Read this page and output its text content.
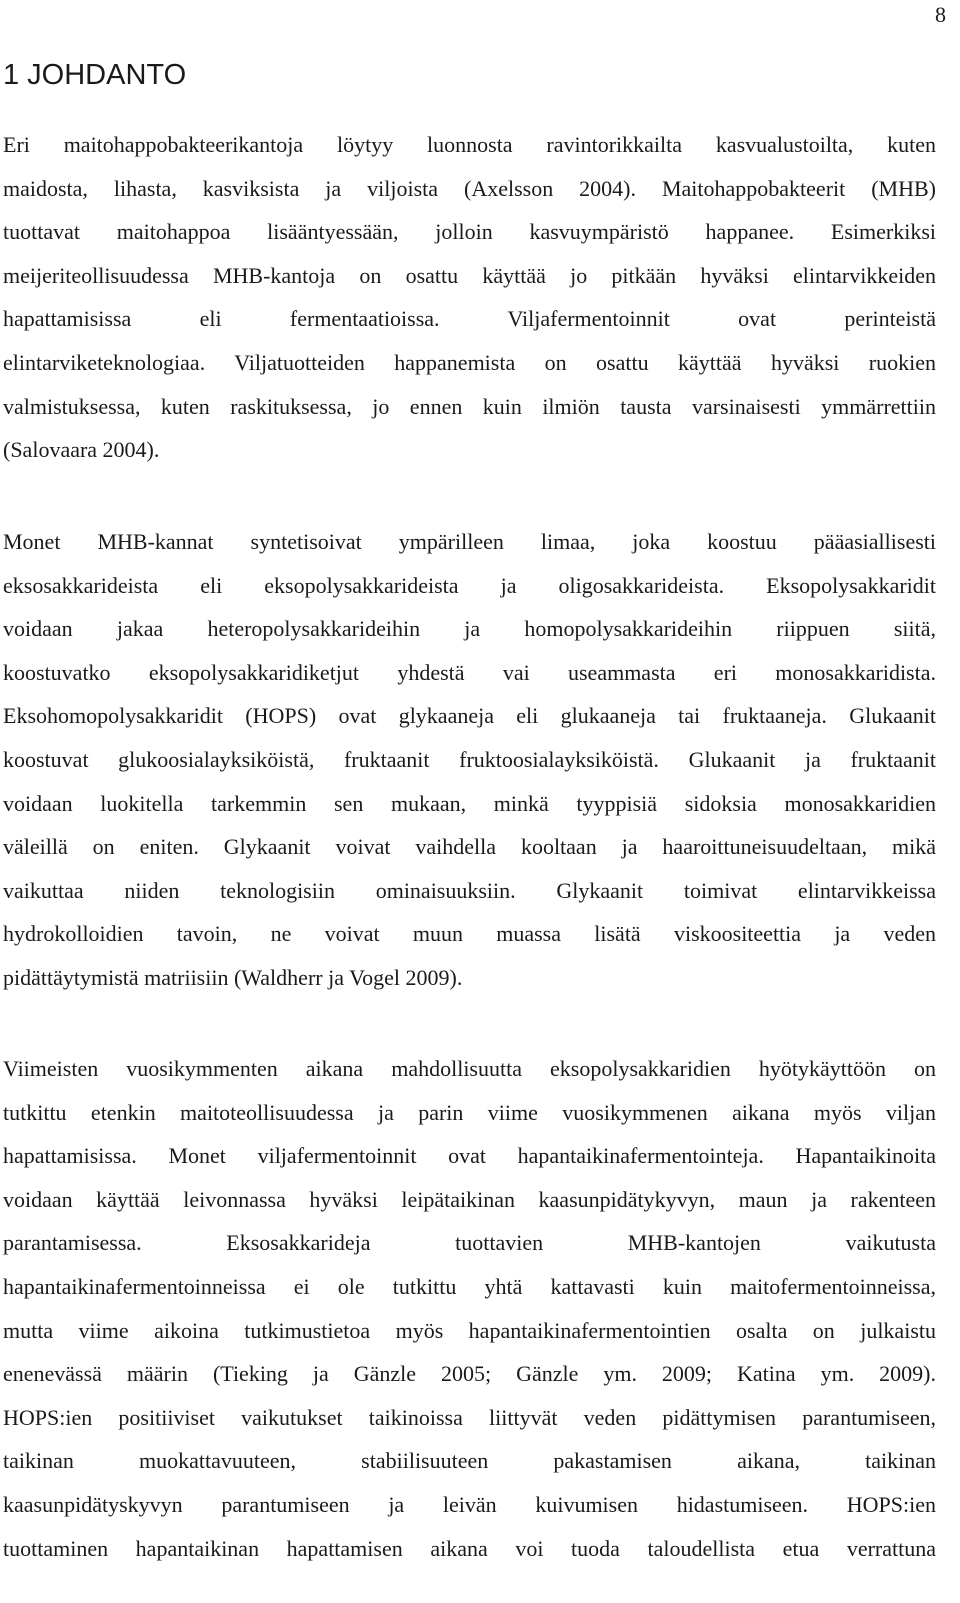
8
1 JOHDANTO
Eri maitohappobakteerikantoja löytyy luonnosta ravintorikkailta kasvualustoilta, kuten
maidosta, lihasta, kasviksista ja viljoista (Axelsson 2004). Maitohappobakteerit (MHB)
tuottavat maitohappoa lisääntyessään, jolloin kasvuympäristö happanee. Esimerkiksi
meijeriteollisuudessa MHB-kantoja on osattu käyttää jo pitkään hyväksi elintarvikkeiden
hapattamisissa eli fermentaatioissa. Viljafermentoinnit ovat perinteistä
elintarviketeknologiaa. Viljatuotteiden happanemista on osattu käyttää hyväksi ruokien
valmistuksessa, kuten raskituksessa, jo ennen kuin ilmiön tausta varsinaisesti ymmärrettiin
(Salovaara 2004).
Monet MHB-kannat syntetisoivat ympärilleen limaa, joka koostuu pääasiallisesti
eksosakkarideista eli eksopolysakkarideista ja oligosakkarideista. Eksopolysakkaridit
voidaan jakaa heteropolysakkarideihin ja homopolysakkarideihin riippuen siitä,
koostuvatko eksopolysakkaridiketjut yhdestä vai useammasta eri monosakkaridista.
Eksohomopolysakkaridit (HOPS) ovat glykaaneja eli glukaaneja tai fruktaaneja. Glukaanit
koostuvat glukoosialayksiköistä, fruktaanit fruktoosialayksiköistä. Glukaanit ja fruktaanit
voidaan luokitella tarkemmin sen mukaan, minkä tyyppisiä sidoksia monosakkaridien
väleillä on eniten. Glykaanit voivat vaihdella kooltaan ja haaroittuneisuudeltaan, mikä
vaikuttaa niiden teknologisiin ominaisuuksiin. Glykaanit toimivat elintarvikkeissa
hydrokolloidien tavoin, ne voivat muun muassa lisätä viskoositeettia ja veden
pidättäytymistä matriisiin (Waldherr ja Vogel 2009).
Viimeisten vuosikymmenten aikana mahdollisuutta eksopolysakkaridien hyötykäyttöön on
tutkittu etenkin maitoteollisuudessa ja parin viime vuosikymmenen aikana myös viljan
hapattamisissa. Monet viljafermentoinnit ovat hapantaikinafermentointeja. Hapantaikinoita
voidaan käyttää leivonnassa hyväksi leipätaikinan kaasunpidätykyvyn, maun ja rakenteen
parantamisessa. Eksosakkarideja tuottavien MHB-kantojen vaikutusta
hapantaikinafermentoinneissa ei ole tutkittu yhtä kattavasti kuin maitofermentoinneissa,
mutta viime aikoina tutkimustietoa myös hapantaikinafermentointien osalta on julkaistu
enenevässä määrin (Tieking ja Gänzle 2005; Gänzle ym. 2009; Katina ym. 2009).
HOPS:ien positiiviset vaikutukset taikinoissa liittyvät veden pidättymisen parantumiseen,
taikinan muokattavuuteen, stabiilisuuteen pakastamisen aikana, taikinan
kaasunpidätyskyvyn parantumiseen ja leivän kuivumisen hidastumiseen. HOPS:ien
tuottaminen hapantaikinan hapattamisen aikana voi tuoda taloudellista etua verrattuna
